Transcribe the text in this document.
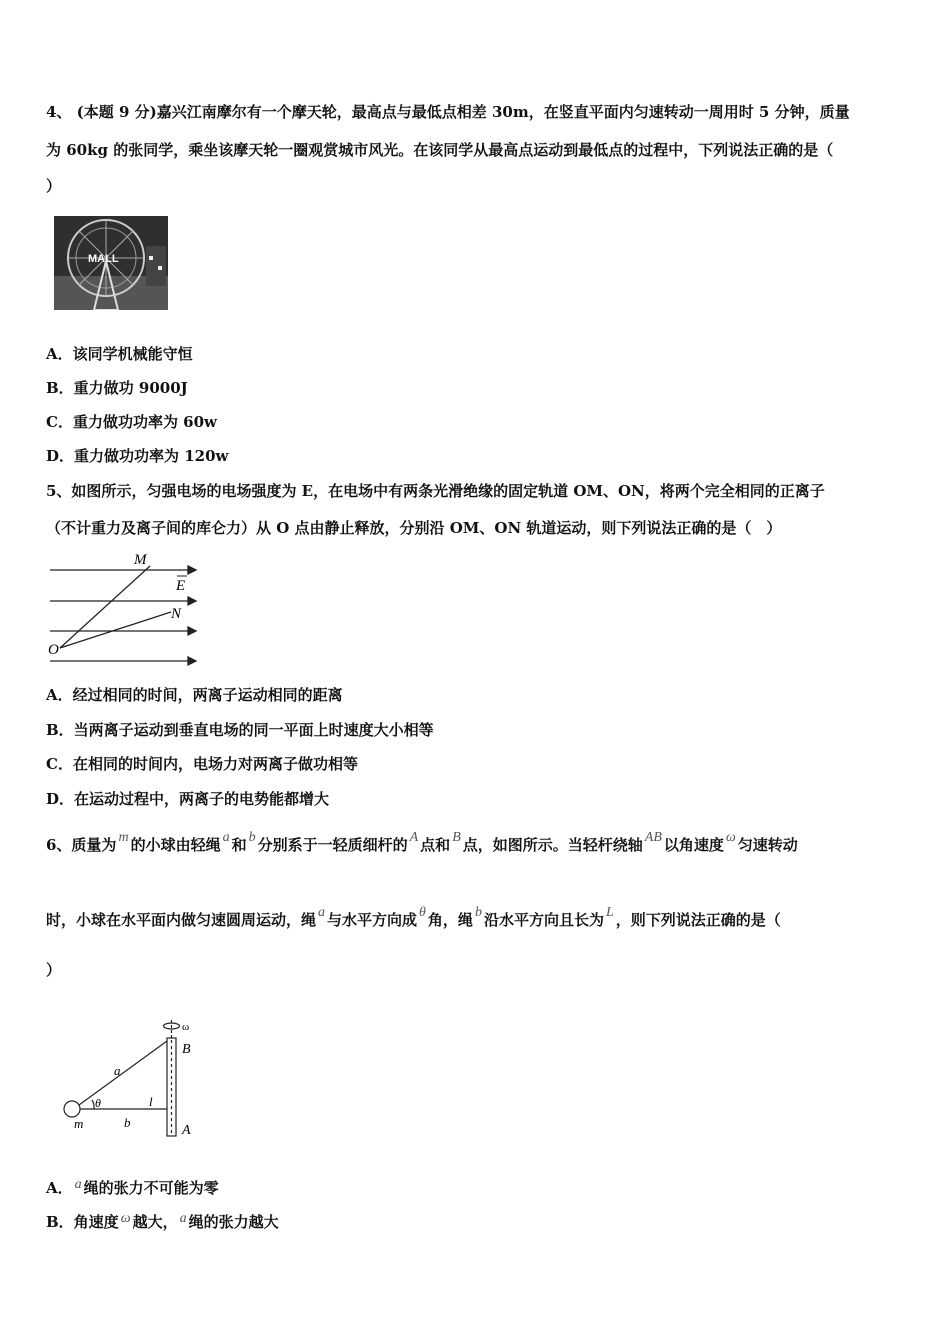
4、 (本题 9 分)嘉兴江南摩尔有一个摩天轮，最高点与最低点相差 30m，在竖直平面内匀速转动一周用时 5 分钟，质量
为 60kg 的张同学，乘坐该摩天轮一圈观赏城市风光。在该同学从最高点运动到最低点的过程中，下列说法正确的是（
）
MALL
A．该同学机械能守恒
B．重力做功 9000J
C．重力做功功率为 60w
D．重力做功功率为 120w
5、如图所示，匀强电场的电场强度为 E，在电场中有两条光滑绝缘的固定轨道 OM、ON，将两个完全相同的正离子
（不计重力及离子间的库仑力）从 O 点由静止释放，分别沿 OM、ON 轨道运动，则下列说法正确的是（　）
M
E
N
O
A．经过相同的时间，两离子运动相同的距离
B．当两离子运动到垂直电场的同一平面上时速度大小相等
C．在相同的时间内，电场力对两离子做功相等
D．在运动过程中，两离子的电势能都增大
6、质量为 m 的小球由轻绳 a 和 b 分别系于一轻质细杆的 A 点和 B 点，如图所示。当轻杆绕轴 AB 以角速度 ω 匀速转动
时，小球在水平面内做匀速圆周运动，绳 a 与水平方向成 θ 角，绳 b 沿水平方向且长为 L ，则下列说法正确的是（
）
ω
B
a
θ	l
m	b
A
A． a 绳的张力不可能为零
B．角速度 ω 越大， a 绳的张力越大
